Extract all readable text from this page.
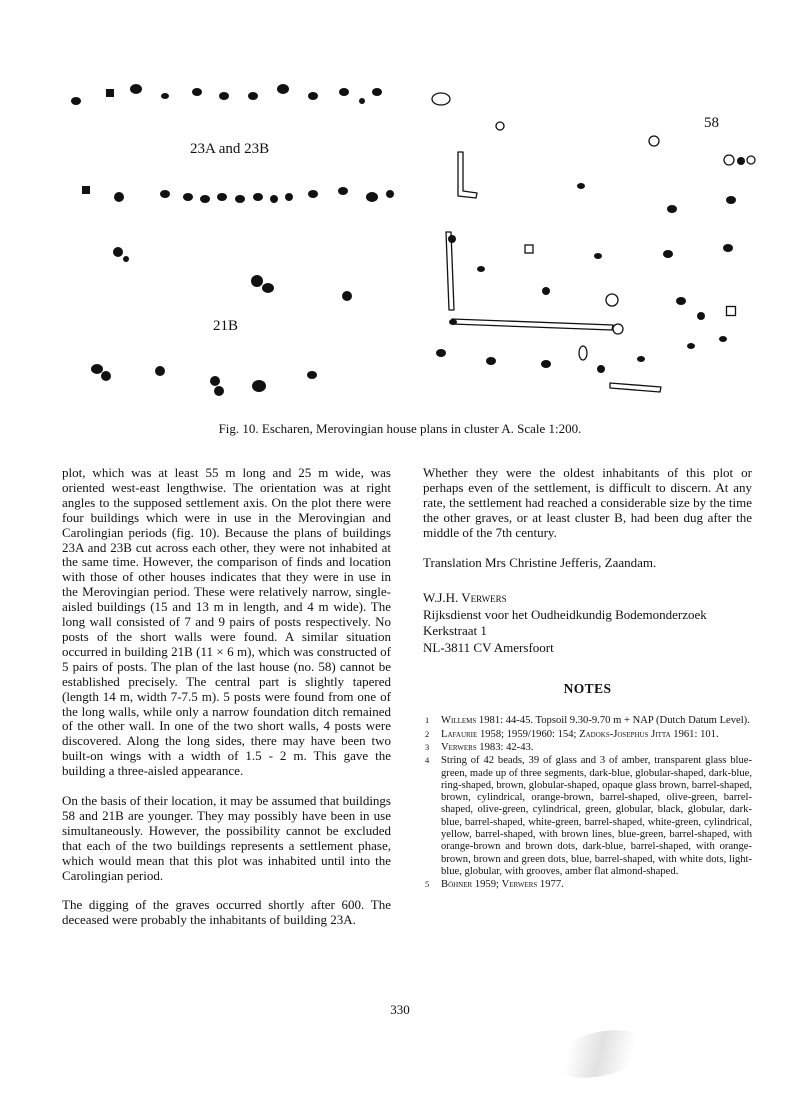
23A and 23B
21B
58
Fig. 10. Escharen, Merovingian house plans in cluster A. Scale 1:200.

plot, which was at least 55 m long and 25 m wide, was oriented west-east lengthwise. The orientation was at right angles to the supposed settlement axis. On the plot there were four buildings which were in use in the Merovingian and Carolingian periods (fig. 10). Because the plans of buildings 23A and 23B cut across each other, they were not inhabited at the same time. However, the comparison of finds and location with those of other houses indicates that they were in use in the Merovingian period. These were relatively narrow, single-aisled buildings (15 and 13 m in length, and 4 m wide). The long wall consisted of 7 and 9 pairs of posts respectively. No posts of the short walls were found. A similar situation occurred in building 21B (11 × 6 m), which was constructed of 5 pairs of posts. The plan of the last house (no. 58) cannot be established precisely. The central part is slightly tapered (length 14 m, width 7-7.5 m). 5 posts were found from one of the long walls, while only a narrow foundation ditch remained of the other wall. In one of the two short walls, 4 posts were discovered. Along the long sides, there may have been two built-on wings with a width of 1.5 - 2 m. This gave the building a three-aisled appearance.

On the basis of their location, it may be assumed that buildings 58 and 21B are younger. They may possibly have been in use simultaneously. However, the possibility cannot be excluded that each of the two buildings represents a settlement phase, which would mean that this plot was inhabited until into the Carolingian period.

The digging of the graves occurred shortly after 600. The deceased were probably the inhabitants of building 23A.

Whether they were the oldest inhabitants of this plot or perhaps even of the settlement, is difficult to discern. At any rate, the settlement had reached a considerable size by the time the other graves, or at least cluster B, had been dug after the middle of the 7th century.

Translation Mrs Christine Jefferis, Zaandam.

W.J.H. Verwers
Rijksdienst voor het Oudheidkundig Bodemonderzoek
Kerkstraat 1
NL-3811 CV Amersfoort
NOTES
1	Willems 1981: 44-45. Topsoil 9.30-9.70 m + NAP (Dutch Datum Level).
2	Lafaurie 1958; 1959/1960: 154; Zadoks-Josephus Jitta 1961: 101.
3	Verwers 1983: 42-43.
4	String of 42 beads, 39 of glass and 3 of amber, transparent glass blue-green, made up of three segments, dark-blue, globular-shaped, dark-blue, ring-shaped, brown, globular-shaped, opaque glass brown, barrel-shaped, brown, cylindrical, orange-brown, barrel-shaped, olive-green, barrel-shaped, olive-green, cylindrical, green, globular, black, globular, dark-blue, barrel-shaped, white-green, barrel-shaped, white-green, cylindrical, yellow, barrel-shaped, with brown lines, blue-green, barrel-shaped, with orange-brown and brown dots, dark-blue, barrel-shaped, with orange-brown, brown and green dots, blue, barrel-shaped, with white dots, light-blue, globular, with grooves, amber flat almond-shaped.
5	Böhner 1959; Verwers 1977.
330
